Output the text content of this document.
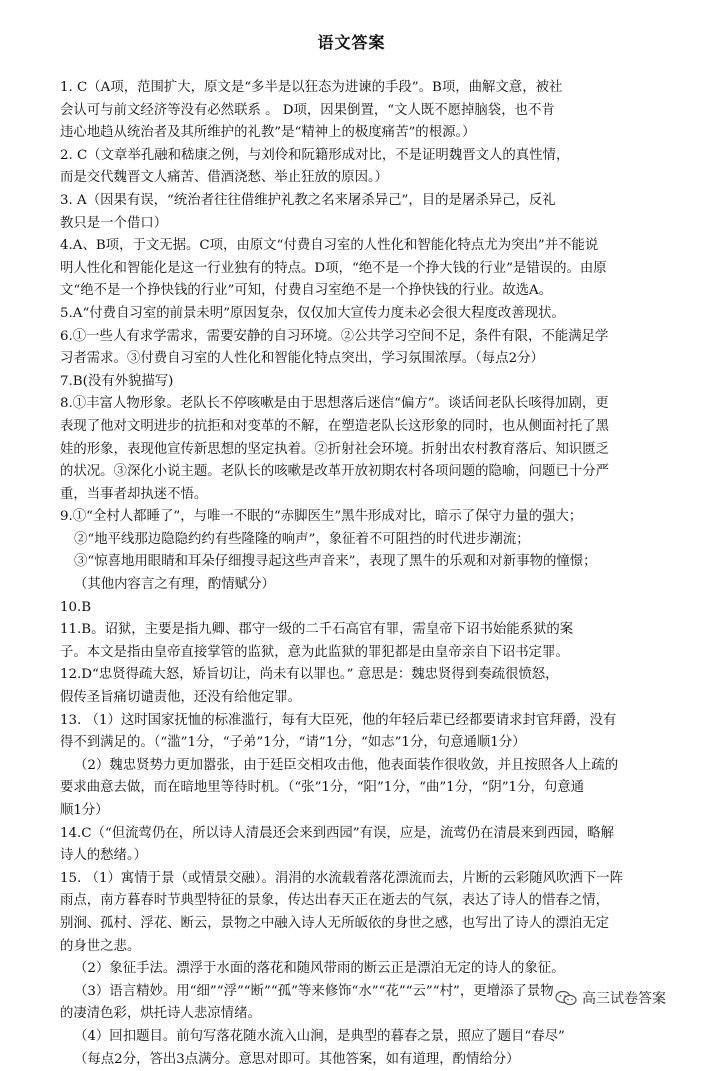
语文答案
1. C（A项，范围扩大，原文是“多半是以狂态为进谏的手段”。B项，曲解文意，被社
会认可与前文经济等没有必然联系 。 D项，因果倒置，“文人既不愿掉脑袋，也不肯
违心地趋从统治者及其所维护的礼教”是“精神上的极度痛苦”的根源。）
2. C（文章举孔融和嵇康之例，与刘伶和阮籍形成对比，不是证明魏晋文人的真性情，
而是交代魏晋文人痛苦、借酒浇愁、举止狂放的原因。）
3. A（因果有误，“统治者往往借维护礼教之名来屠杀异己”，目的是屠杀异己，反礼
教只是一个借口）
4.A、B项，于文无据。C项，由原文“付费自习室的人性化和智能化特点尤为突出”并不能说
明人性化和智能化是这一行业独有的特点。D项，“绝不是一个挣大钱的行业”是错误的。由原
文“绝不是一个挣快钱的行业”可知，付费自习室绝不是一个挣快钱的行业。故选A。
5.A“付费自习室的前景未明”原因复杂，仅仅加大宣传力度未必会很大程度改善现状。
6.①一些人有求学需求，需要安静的自习环境。②公共学习空间不足，条件有限，不能满足学
习者需求。③付费自习室的人性化和智能化特点突出，学习氛围浓厚。（每点2分）
7.B(没有外貌描写)
8.①丰富人物形象。老队长不停咳嗽是由于思想落后迷信“偏方”。谈话间老队长咳得加剧，更
表现了他对文明进步的抗拒和对变革的不解，在塑造老队长这形象的同时，也从侧面衬托了黑
娃的形象，表现他宣传新思想的坚定执着。②折射社会环境。折射出农村教育落后、知识匮乏
的状况。③深化小说主题。老队长的咳嗽是改革开放初期农村各项问题的隐喻，问题已十分严
重，当事者却执迷不悟。
9.①“全村人都睡了”，与唯一不眠的“赤脚医生”黑牛形成对比，暗示了保守力量的强大；
②“地平线那边隐隐约约有些隆隆的响声”，象征着不可阻挡的时代进步潮流；
③“惊喜地用眼睛和耳朵仔细搜寻起这些声音来”，表现了黑牛的乐观和对新事物的憧憬；
（其他内容言之有理，酌情赋分）
10.B
11.B。诏狱，主要是指九卿、郡守一级的二千石高官有罪，需皇帝下诏书始能系狱的案
子。本文是指由皇帝直接掌管的监狱，意为此监狱的罪犯都是由皇帝亲自下诏书定罪。
12.D“忠贤得疏大怒，矫旨切让，尚未有以罪也。” 意思是：魏忠贤得到奏疏很愤怒，
假传圣旨痛切谴责他，还没有给他定罪。
13. （1）这时国家抚恤的标准滥行，每有大臣死，他的年轻后辈已经都要请求封官拜爵，没有
得不到满足的。（“滥”1分，“子弟”1分，“请”1分，“如志”1分，句意通顺1分）
（2）魏忠贤势力更加嚣张，由于廷臣交相攻击他，他表面装作很收敛，并且按照各人上疏的
要求曲意去做，而在暗地里等待时机。（“张”1分，“阳”1分，“曲”1分，“阴”1分，句意通
顺1分）
14.C（“但流莺仍在，所以诗人清晨还会来到西园”有误，应是，流莺仍在清晨来到西园，略解
诗人的愁绪。）
15. （1）寓情于景（或情景交融）。涓涓的水流载着落花漂流而去，片断的云彩随风吹洒下一阵
雨点，南方暮春时节典型特征的景象，传达出春天正在逝去的气氛，表达了诗人的惜春之情，
别涧、孤村、浮花、断云，景物之中融入诗人无所皈依的身世之感，也写出了诗人的漂泊无定
的身世之悲。
（2）象征手法。漂浮于水面的落花和随风带雨的断云正是漂泊无定的诗人的象征。
（3）语言精妙。用“细”“浮”“断”“孤”等来修饰“水”“花”“云”“村”，更增添了景物
的凄清色彩，烘托诗人悲凉情绪。
（4）回扣题目。前句写落花随水流入山涧，是典型的暮春之景，照应了题目“春尽”
（每点2分，答出3点满分。意思对即可。其他答案，如有道理，酌情给分）
高三试卷答案
